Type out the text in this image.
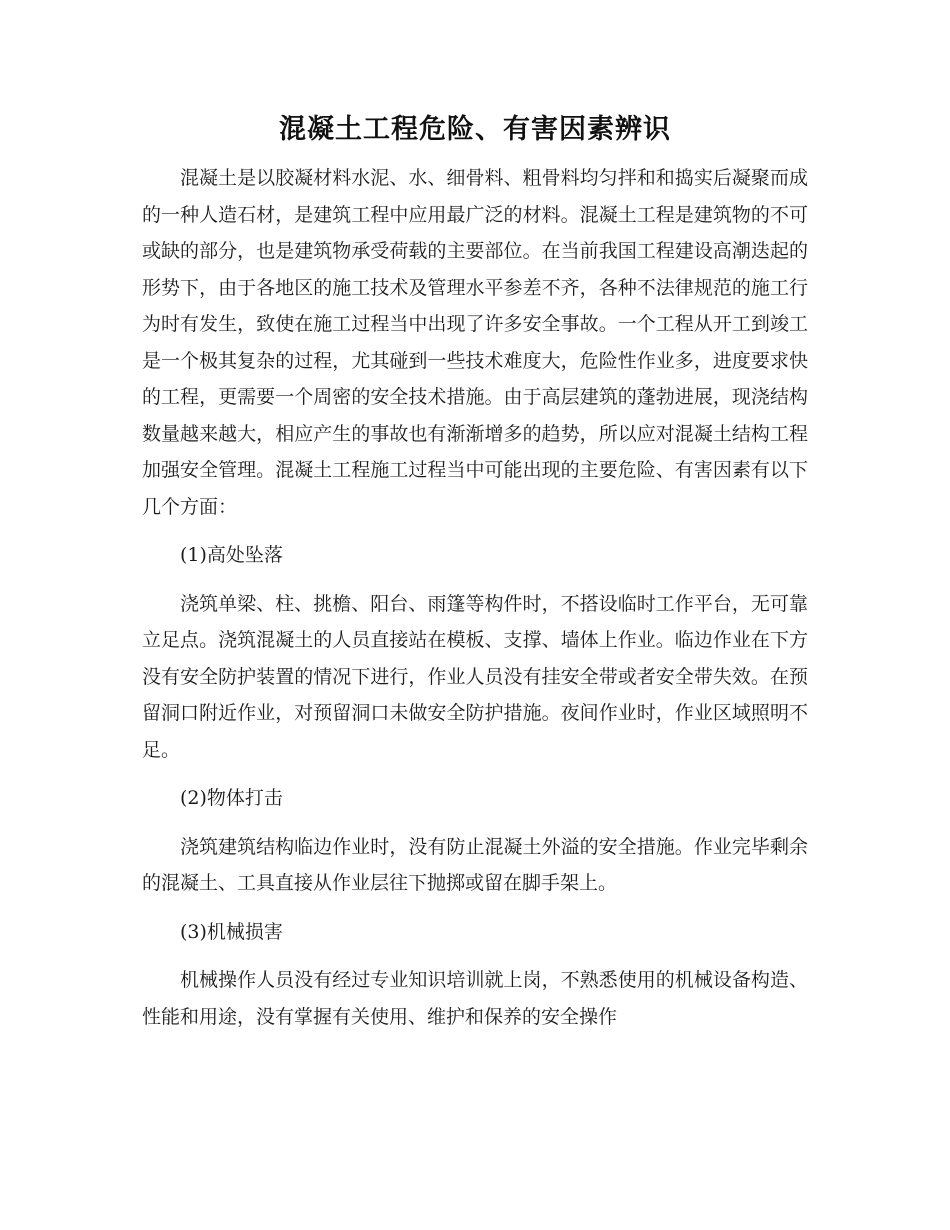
混凝土工程危险、有害因素辨识

混凝土是以胶凝材料水泥、水、细骨料、粗骨料均匀拌和和捣实后凝聚而成的一种人造石材，是建筑工程中应用最广泛的材料。混凝土工程是建筑物的不可或缺的部分，也是建筑物承受荷载的主要部位。在当前我国工程建设高潮迭起的形势下，由于各地区的施工技术及管理水平参差不齐，各种不法律规范的施工行为时有发生，致使在施工过程当中出现了许多安全事故。一个工程从开工到竣工是一个极其复杂的过程，尤其碰到一些技术难度大，危险性作业多，进度要求快的工程，更需要一个周密的安全技术措施。由于高层建筑的蓬勃进展，现浇结构数量越来越大，相应产生的事故也有渐渐增多的趋势，所以应对混凝土结构工程加强安全管理。混凝土工程施工过程当中可能出现的主要危险、有害因素有以下几个方面：

(1)高处坠落

浇筑单梁、柱、挑檐、阳台、雨篷等构件时，不搭设临时工作平台，无可靠立足点。浇筑混凝土的人员直接站在模板、支撑、墙体上作业。临边作业在下方没有安全防护装置的情况下进行，作业人员没有挂安全带或者安全带失效。在预留洞口附近作业，对预留洞口未做安全防护措施。夜间作业时，作业区域照明不足。

(2)物体打击

浇筑建筑结构临边作业时，没有防止混凝土外溢的安全措施。作业完毕剩余的混凝土、工具直接从作业层往下抛掷或留在脚手架上。

(3)机械损害

机械操作人员没有经过专业知识培训就上岗，不熟悉使用的机械设备构造、性能和用途，没有掌握有关使用、维护和保养的安全操作
